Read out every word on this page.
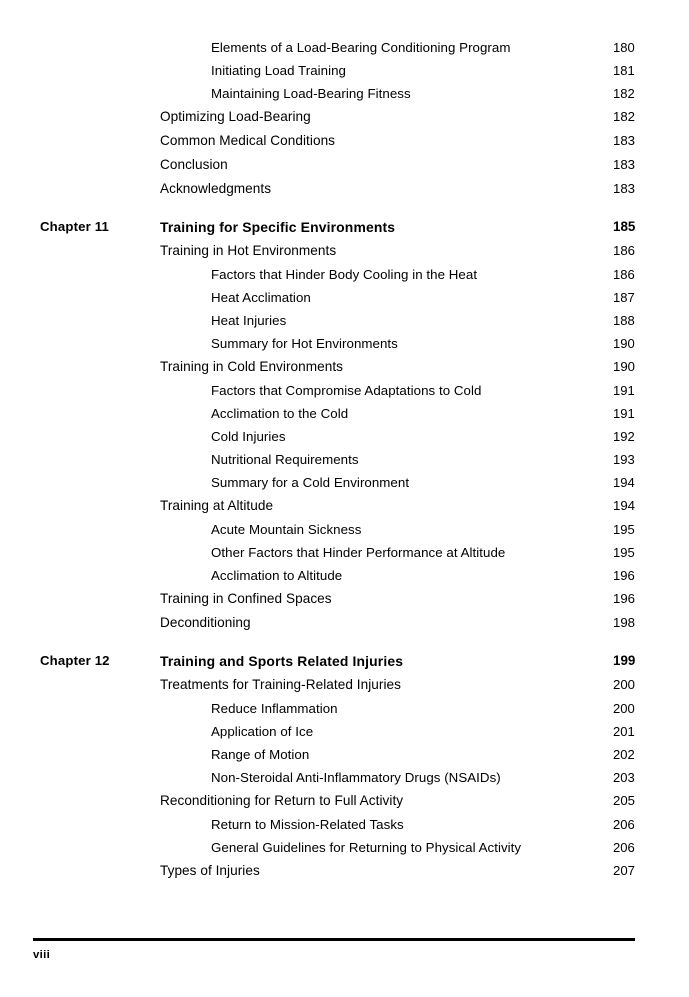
Elements of a Load-Bearing Conditioning Program	180
Initiating Load Training	181
Maintaining Load-Bearing Fitness	182
Optimizing Load-Bearing	182
Common Medical Conditions	183
Conclusion	183
Acknowledgments	183
Chapter 11	Training for Specific Environments	185
Training in Hot Environments	186
Factors that Hinder Body Cooling in the Heat	186
Heat Acclimation	187
Heat Injuries	188
Summary for Hot Environments	190
Training in Cold Environments	190
Factors that Compromise Adaptations to Cold	191
Acclimation to the Cold	191
Cold Injuries	192
Nutritional Requirements	193
Summary for a Cold Environment	194
Training at Altitude	194
Acute Mountain Sickness	195
Other Factors that Hinder Performance at Altitude	195
Acclimation to Altitude	196
Training in Confined Spaces	196
Deconditioning	198
Chapter 12	Training and Sports Related Injuries	199
Treatments for Training-Related Injuries	200
Reduce Inflammation	200
Application of Ice	201
Range of Motion	202
Non-Steroidal Anti-Inflammatory Drugs (NSAIDs)	203
Reconditioning for Return to Full Activity	205
Return to Mission-Related Tasks	206
General Guidelines for Returning to Physical Activity	206
Types of Injuries	207
viii
